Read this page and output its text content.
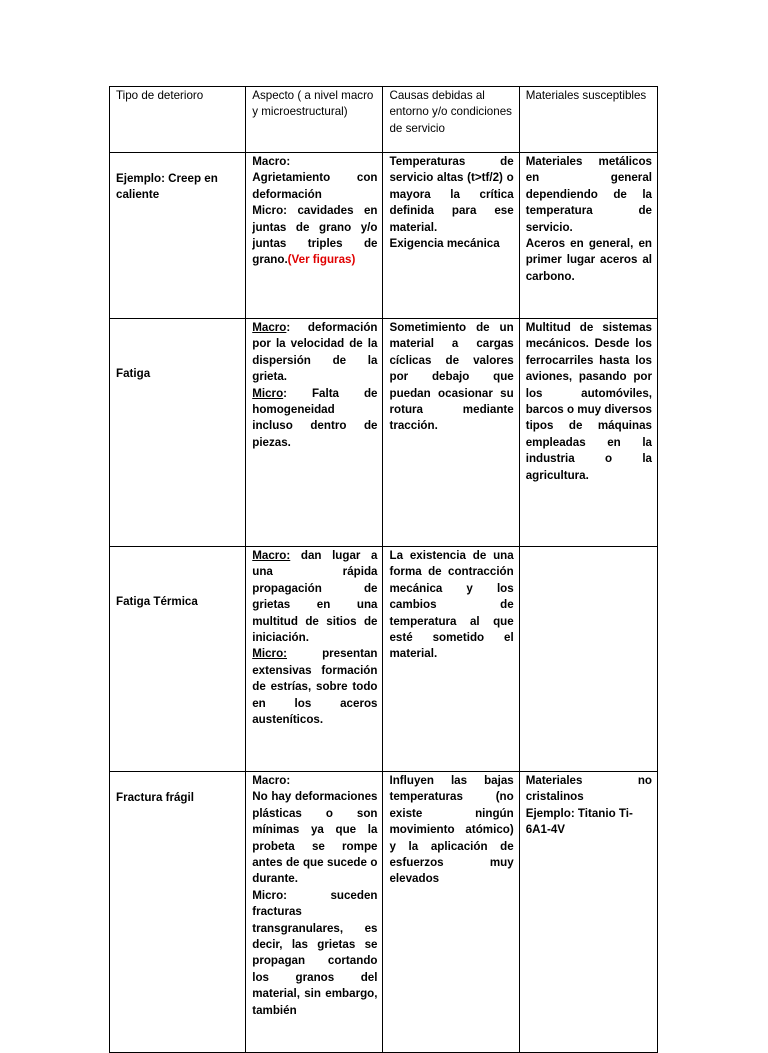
Tipo de deterioro	Aspecto ( a nivel macro y microestructural)	Causas debidas al entorno y/o condiciones de servicio	Materiales susceptibles
Ejemplo: Creep en caliente	Macro:
Agrietamiento con deformación
Micro: cavidades en juntas de grano y/o juntas triples de grano.(Ver figuras)	Temperaturas de servicio altas (t>tf/2) o mayora la crítica definida para ese material.
Exigencia mecánica	Materiales metálicos en general dependiendo de la temperatura de servicio.
Aceros en general, en primer lugar aceros al carbono.

Fatiga	Macro: deformación por la velocidad de la dispersión de la grieta.
Micro: Falta de homogeneidad incluso dentro de piezas.	Sometimiento de un material a cargas cíclicas de valores por debajo que puedan ocasionar su rotura mediante tracción.	Multitud de sistemas mecánicos. Desde los ferrocarriles hasta los aviones, pasando por los automóviles, barcos o muy diversos tipos de máquinas empleadas en la industria o la agricultura.

Fatiga Térmica	Macro: dan lugar a una rápida propagación de grietas en una multitud de sitios de iniciación.
Micro: presentan extensivas formación de estrías, sobre todo en los aceros austeníticos.	La existencia de una forma de contracción mecánica y los cambios de temperatura al que esté sometido el material.	

Fractura frágil	Macro:
No hay deformaciones plásticas o son mínimas ya que la probeta se rompe antes de que sucede o durante.
Micro: suceden fracturas transgranulares, es decir, las grietas se propagan cortando los granos del material, sin embargo, también	Influyen las bajas temperaturas (no existe ningún movimiento atómico) y la aplicación de esfuerzos muy elevados	Materiales no cristalinos
Ejemplo: Titanio Ti-6A1-4V
